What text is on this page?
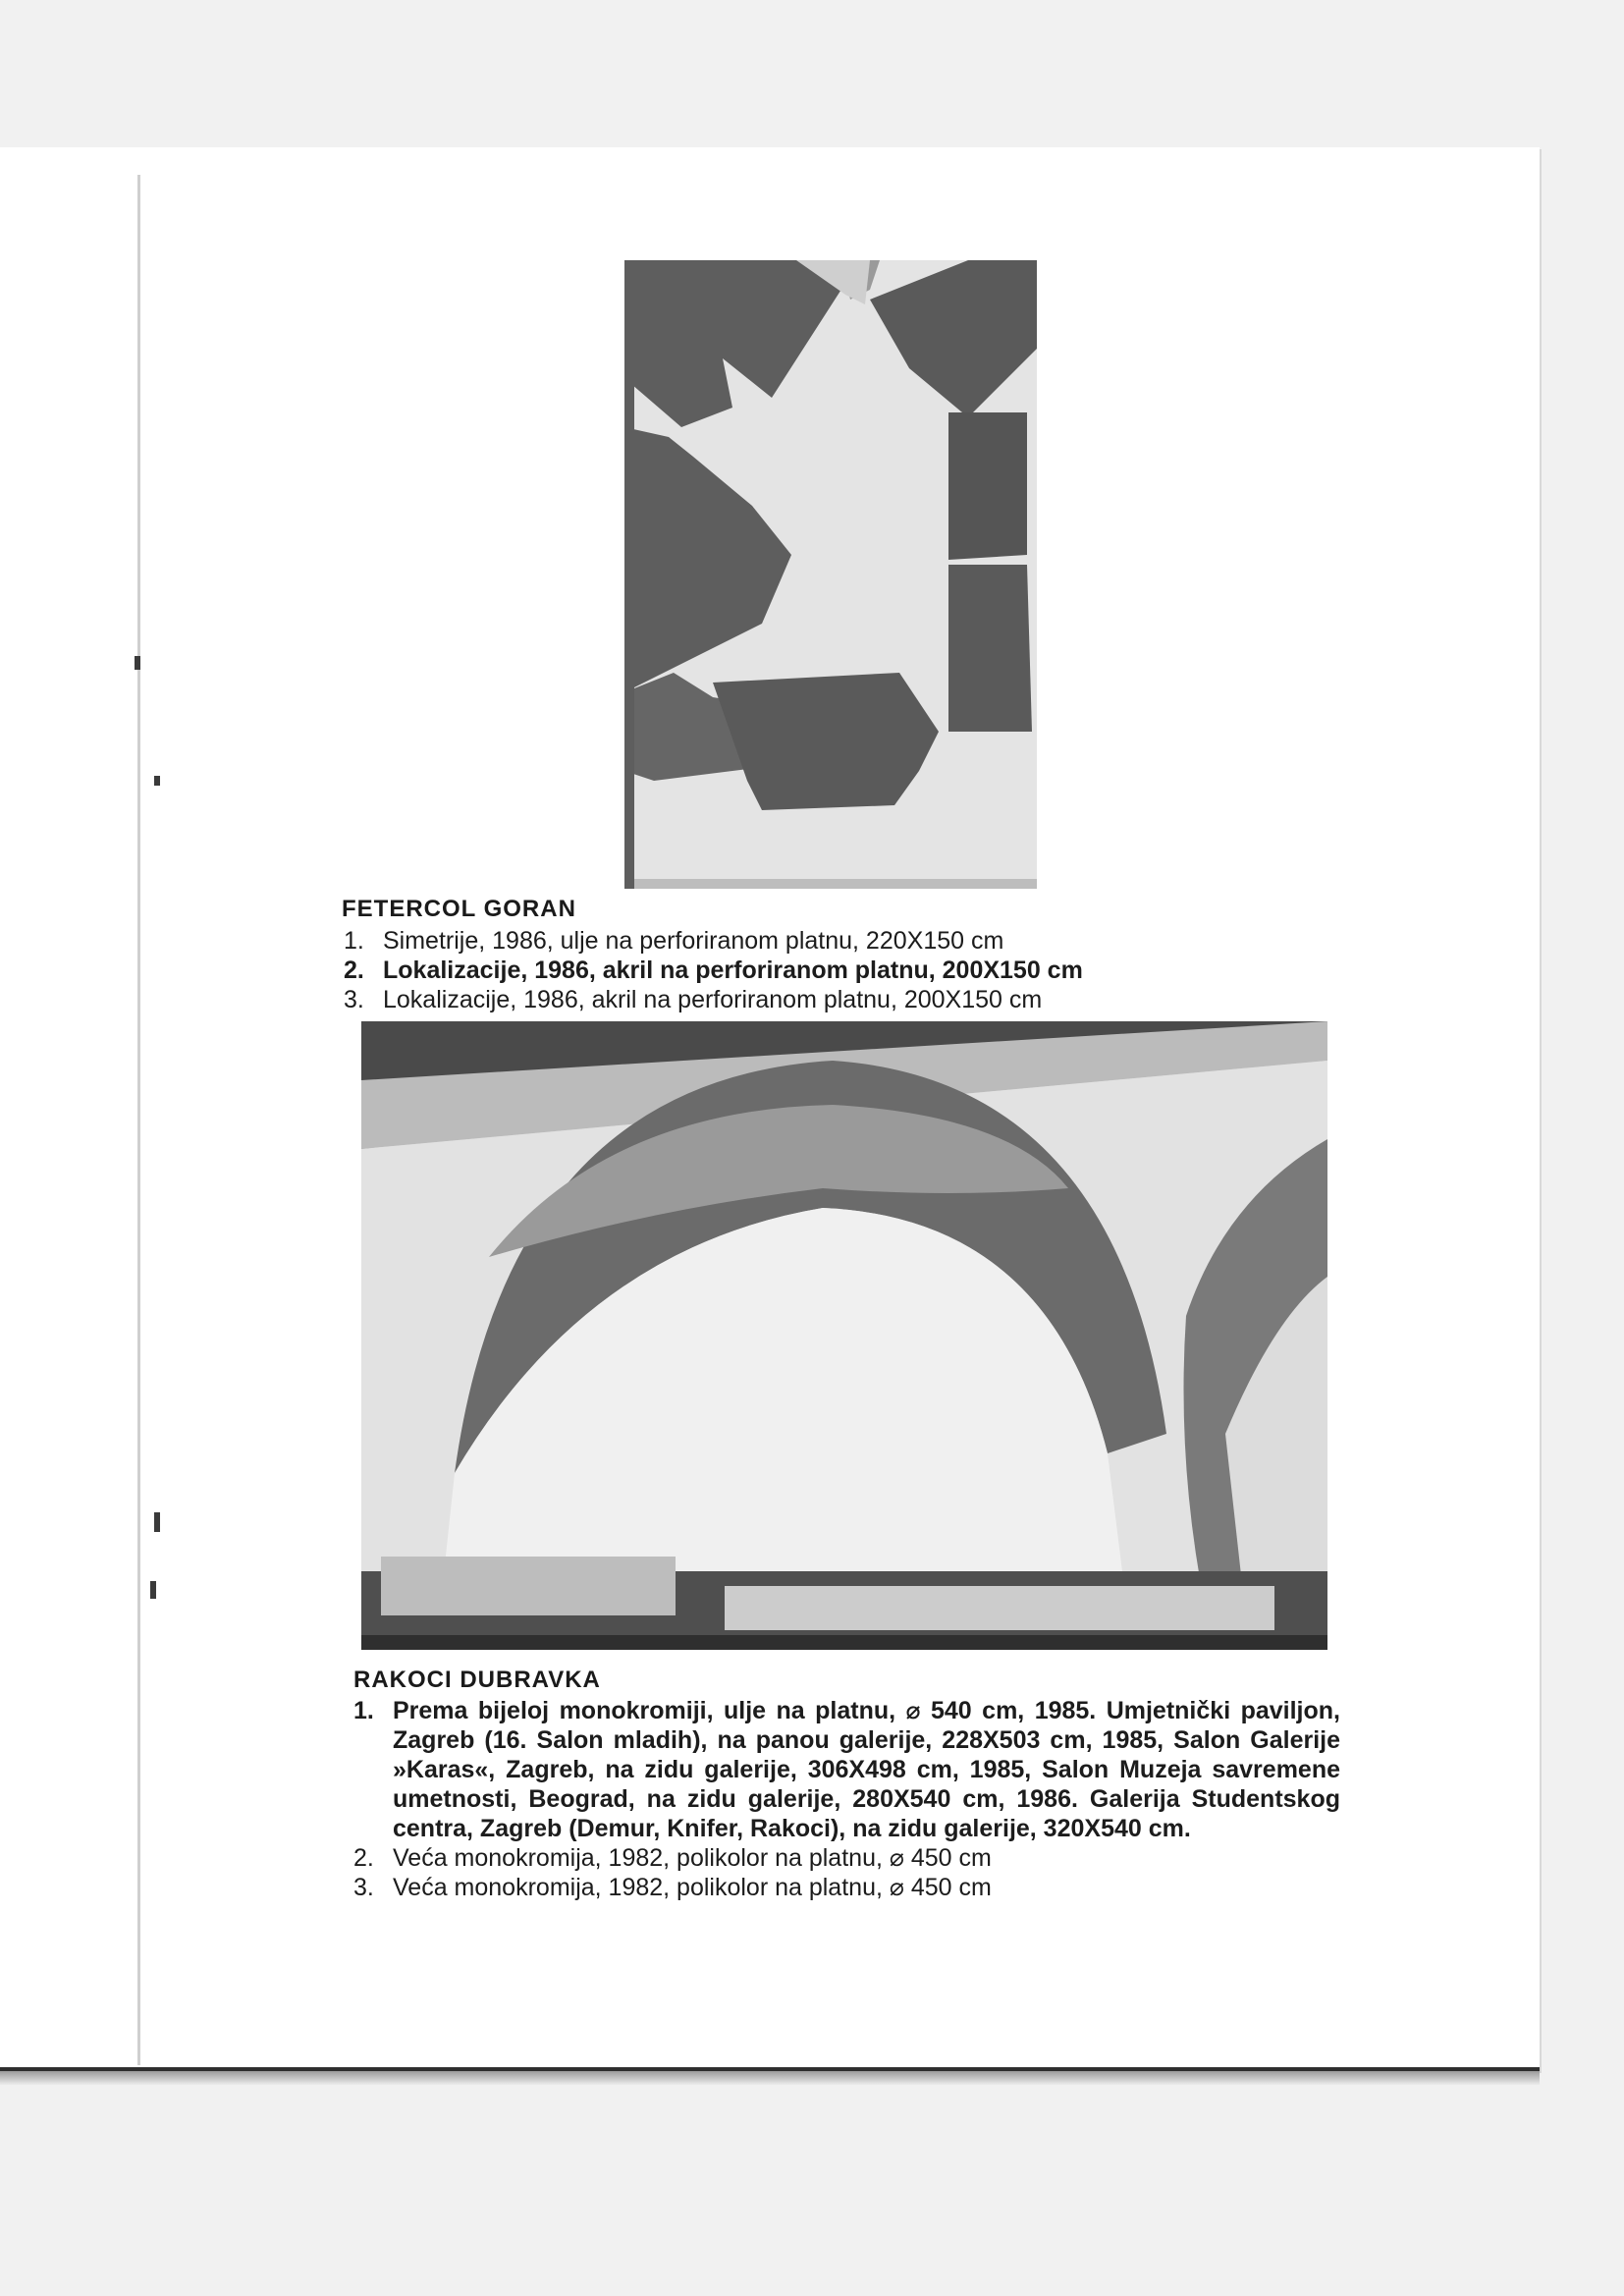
FETERCOL GORAN
1. Simetrije, 1986, ulje na perforiranom platnu, 220X150 cm
2. Lokalizacije, 1986, akril na perforiranom platnu, 200X150 cm
3. Lokalizacije, 1986, akril na perforiranom platnu, 200X150 cm
RAKOCI DUBRAVKA
1. Prema bijeloj monokromiji, ulje na platnu, ⌀ 540 cm, 1985. Umjetnički paviljon, Zagreb (16. Salon mladih), na panou galerije, 228X503 cm, 1985, Salon Galerije »Karas«, Zagreb, na zidu galerije, 306X498 cm, 1985, Salon Muzeja savremene umetnosti, Beograd, na zidu galerije, 280X540 cm, 1986. Galerija Studentskog centra, Zagreb (Demur, Knifer, Rakoci), na zidu galerije, 320X540 cm.
2. Veća monokromija, 1982, polikolor na platnu, ⌀ 450 cm
3. Veća monokromija, 1982, polikolor na platnu, ⌀ 450 cm
